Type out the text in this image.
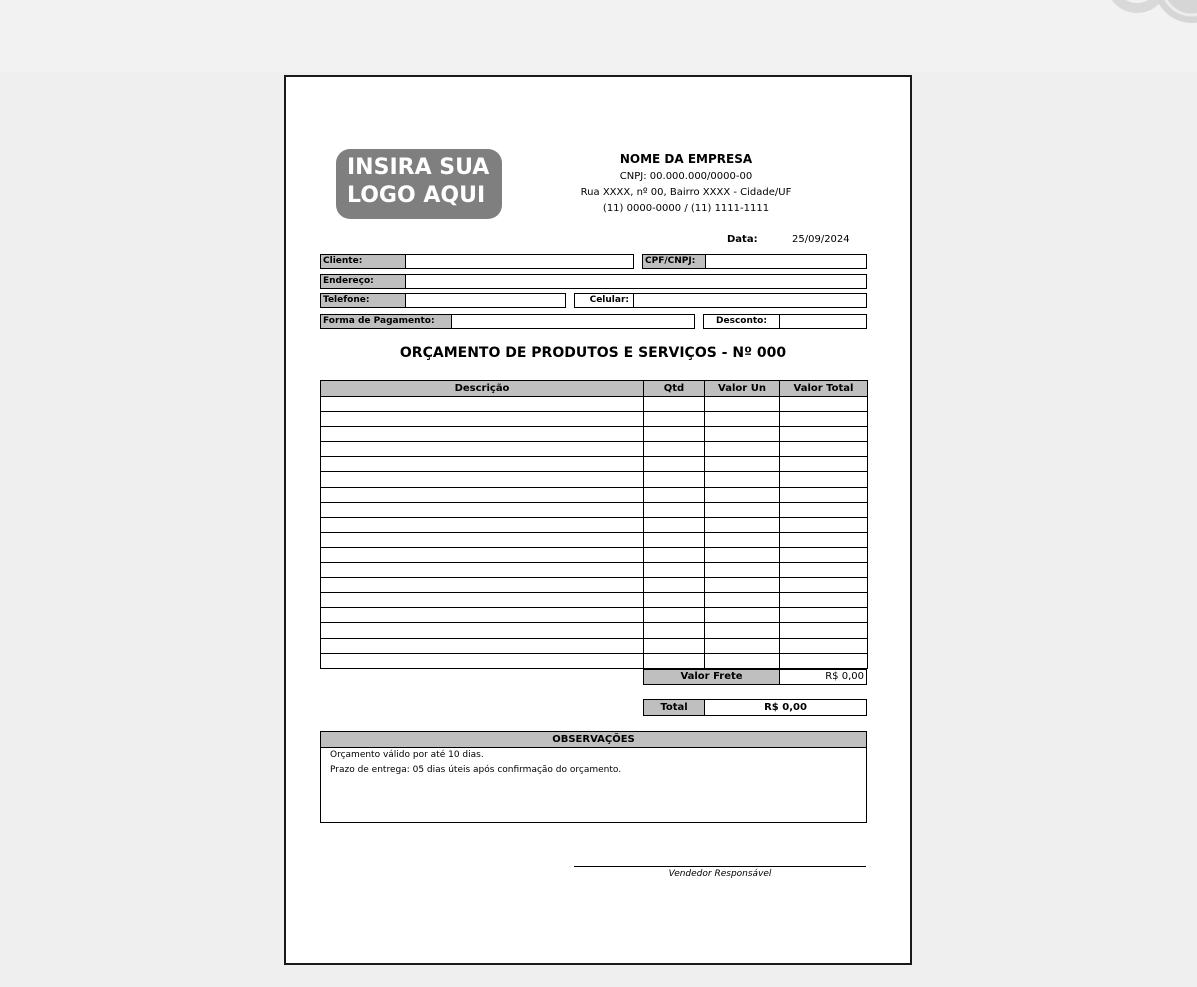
INSIRA SUA
LOGO AQUI
NOME DA EMPRESA
CNPJ: 00.000.000/0000-00
Rua XXXX, nº 00, Bairro XXXX - Cidade/UF
(11) 0000-0000 / (11) 1111-1111
Data:	25/09/2024
Cliente:	CPF/CNPJ:
Endereço:
Telefone:	Celular:
Forma de Pagamento:	Desconto:
ORÇAMENTO DE PRODUTOS E SERVIÇOS - Nº 000
Descrição	Qtd	Valor Un	Valor Total

Valor Frete	R$ 0,00
Total	R$ 0,00
OBSERVAÇÕES
Orçamento válido por até 10 dias.
Prazo de entrega: 05 dias úteis após confirmação do orçamento.
Vendedor Responsável
